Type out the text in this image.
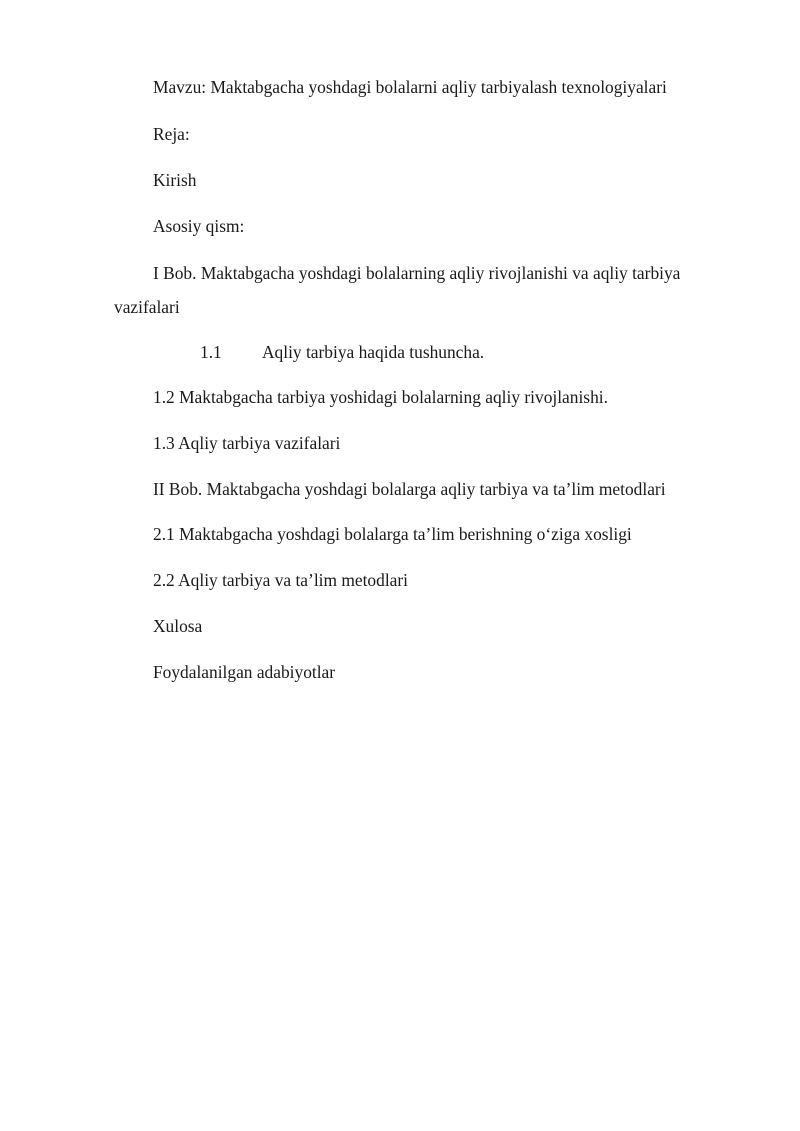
Mavzu: Maktabgacha yoshdagi bolalarni aqliy tarbiyalash texnologiyalari
Reja:
Kirish
Asosiy qism:
I Bob. Maktabgacha yoshdagi bolalarning aqliy rivojlanishi va aqliy tarbiya
vazifalari
1.1 Aqliy tarbiya haqida tushuncha.
1.2 Maktabgacha tarbiya yoshidagi bolalarning aqliy rivojlanishi.
1.3 Aqliy tarbiya vazifalari
II Bob. Maktabgacha yoshdagi bolalarga aqliy tarbiya va ta’lim metodlari
2.1 Maktabgacha yoshdagi bolalarga ta’lim berishning o‘ziga xosligi
2.2 Aqliy tarbiya va ta’lim metodlari
Xulosa
Foydalanilgan adabiyotlar
